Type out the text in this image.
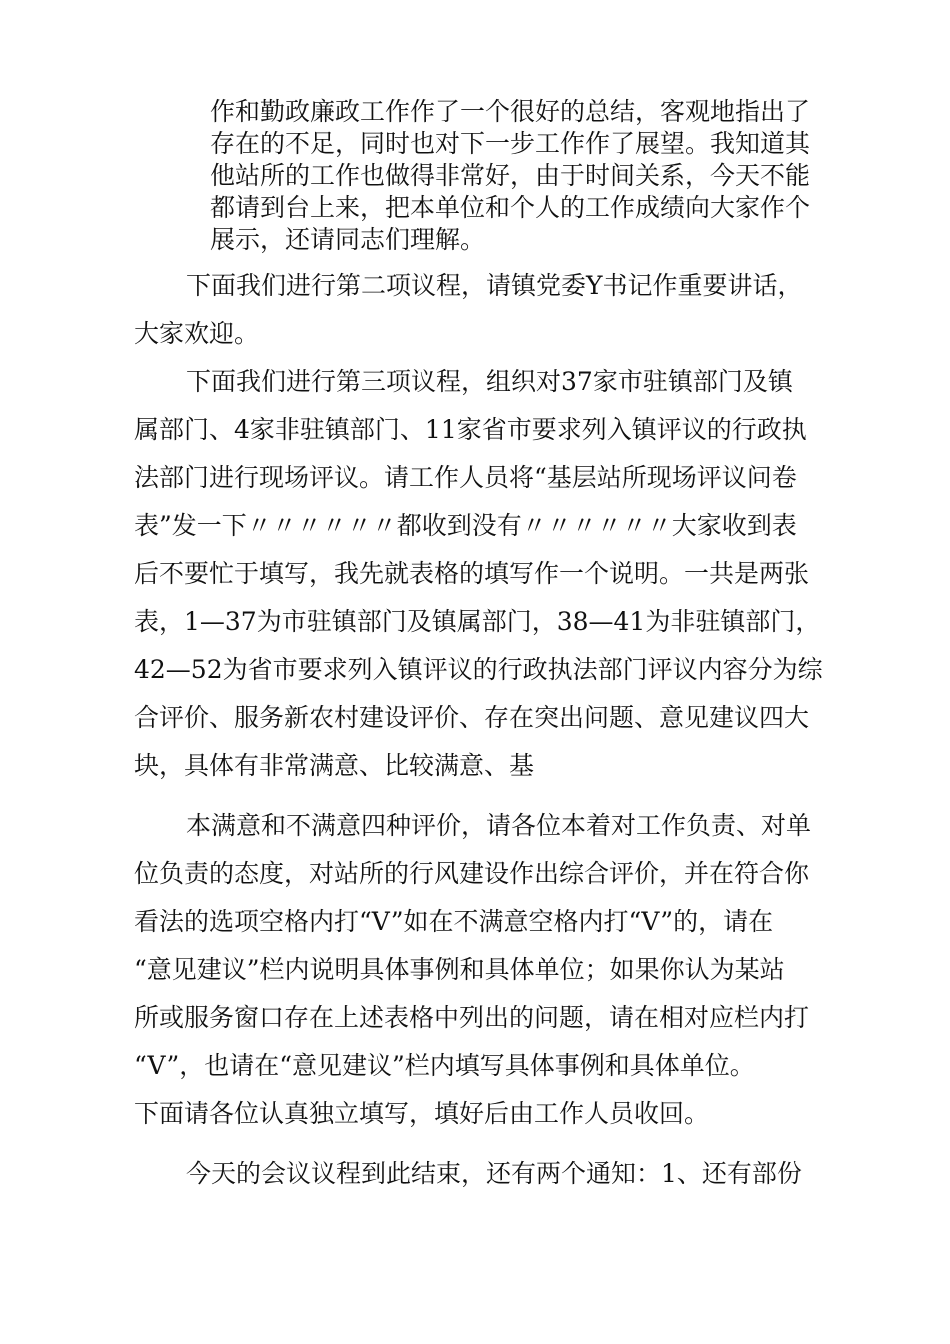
作和勤政廉政工作作了一个很好的总结，客观地指出了
存在的不足，同时也对下一步工作作了展望。我知道其
他站所的工作也做得非常好，由于时间关系，今天不能
都请到台上来，把本单位和个人的工作成绩向大家作个
展示，还请同志们理解。
下面我们进行第二项议程，请镇党委Y书记作重要讲话，
大家欢迎。
下面我们进行第三项议程，组织对37家市驻镇部门及镇
属部门、4家非驻镇部门、11家省市要求列入镇评议的行政执
法部门进行现场评议。请工作人员将“基层站所现场评议问卷
表”发一下〃〃〃〃〃〃都收到没有〃〃〃〃〃〃大家收到表
后不要忙于填写，我先就表格的填写作一个说明。一共是两张
表，1—37为市驻镇部门及镇属部门，38—41为非驻镇部门，
42—52为省市要求列入镇评议的行政执法部门评议内容分为综
合评价、服务新农村建设评价、存在突出问题、意见建议四大
块，具体有非常满意、比较满意、基
本满意和不满意四种评价，请各位本着对工作负责、对单
位负责的态度，对站所的行风建设作出综合评价，并在符合你
看法的选项空格内打“V”如在不满意空格内打“V”的，请在
“意见建议”栏内说明具体事例和具体单位；如果你认为某站
所或服务窗口存在上述表格中列出的问题，请在相对应栏内打
“V”，也请在“意见建议”栏内填写具体事例和具体单位。
下面请各位认真独立填写，填好后由工作人员收回。
今天的会议议程到此结束，还有两个通知：1、还有部份
